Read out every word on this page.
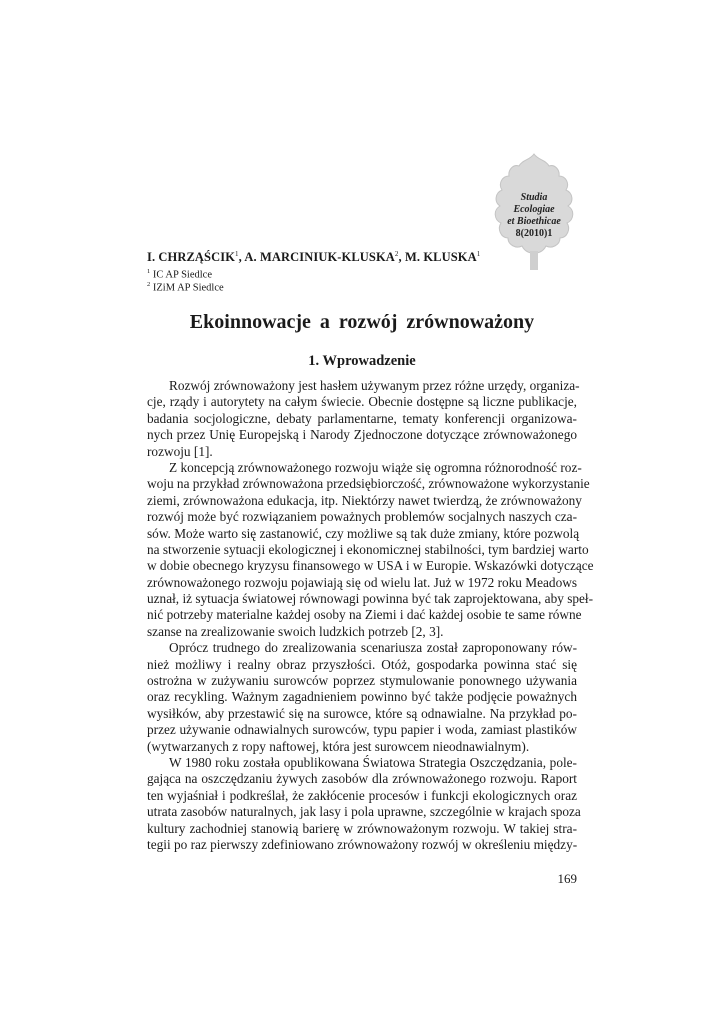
Studia
Ecologiae
et Bioethicae
8(2010)1
I. CHRZĄŚCIK$^1$, A. MARCINIUK-KLUSKA$^2$, M. KLUSKA$^1$
$^1$ IC AP Siedlce
$^2$ IZiM AP Siedlce
Ekoinnowacje a rozwój zrównoważony
1. Wprowadzenie
Rozwój zrównoważony jest hasłem używanym przez różne urzędy, organiza-
cje, rządy i autorytety na całym świecie. Obecnie dostępne są liczne publikacje,
badania socjologiczne, debaty parlamentarne, tematy konferencji organizowa-
nych przez Unię Europejską i Narody Zjednoczone dotyczące zrównoważonego
rozwoju [1].
Z koncepcją zrównoważonego rozwoju wiąże się ogromna różnorodność roz-
woju na przykład zrównoważona przedsiębiorczość, zrównoważone wykorzystanie
ziemi, zrównoważona edukacja, itp. Niektórzy nawet twierdzą, że zrównoważony
rozwój może być rozwiązaniem poważnych problemów socjalnych naszych cza-
sów. Może warto się zastanowić, czy możliwe są tak duże zmiany, które pozwolą
na stworzenie sytuacji ekologicznej i ekonomicznej stabilności, tym bardziej warto
w dobie obecnego kryzysu finansowego w USA i w Europie. Wskazówki dotyczące
zrównoważonego rozwoju pojawiają się od wielu lat. Już w 1972 roku Meadows
uznał, iż sytuacja światowej równowagi powinna być tak zaprojektowana, aby speł-
nić potrzeby materialne każdej osoby na Ziemi i dać każdej osobie te same równe
szanse na zrealizowanie swoich ludzkich potrzeb [2, 3].
Oprócz trudnego do zrealizowania scenariusza został zaproponowany rów-
nież możliwy i realny obraz przyszłości. Otóż, gospodarka powinna stać się
ostrożna w zużywaniu surowców poprzez stymulowanie ponownego używania
oraz recykling. Ważnym zagadnieniem powinno być także podjęcie poważnych
wysiłków, aby przestawić się na surowce, które są odnawialne. Na przykład po-
przez używanie odnawialnych surowców, typu papier i woda, zamiast plastików
(wytwarzanych z ropy naftowej, która jest surowcem nieodnawialnym).
W 1980 roku została opublikowana Światowa Strategia Oszczędzania, pole-
gająca na oszczędzaniu żywych zasobów dla zrównoważonego rozwoju. Raport
ten wyjaśniał i podkreślał, że zakłócenie procesów i funkcji ekologicznych oraz
utrata zasobów naturalnych, jak lasy i pola uprawne, szczególnie w krajach spoza
kultury zachodniej stanowią barierę w zrównoważonym rozwoju. W takiej stra-
tegii po raz pierwszy zdefiniowano zrównoważony rozwój w określeniu między-
169
